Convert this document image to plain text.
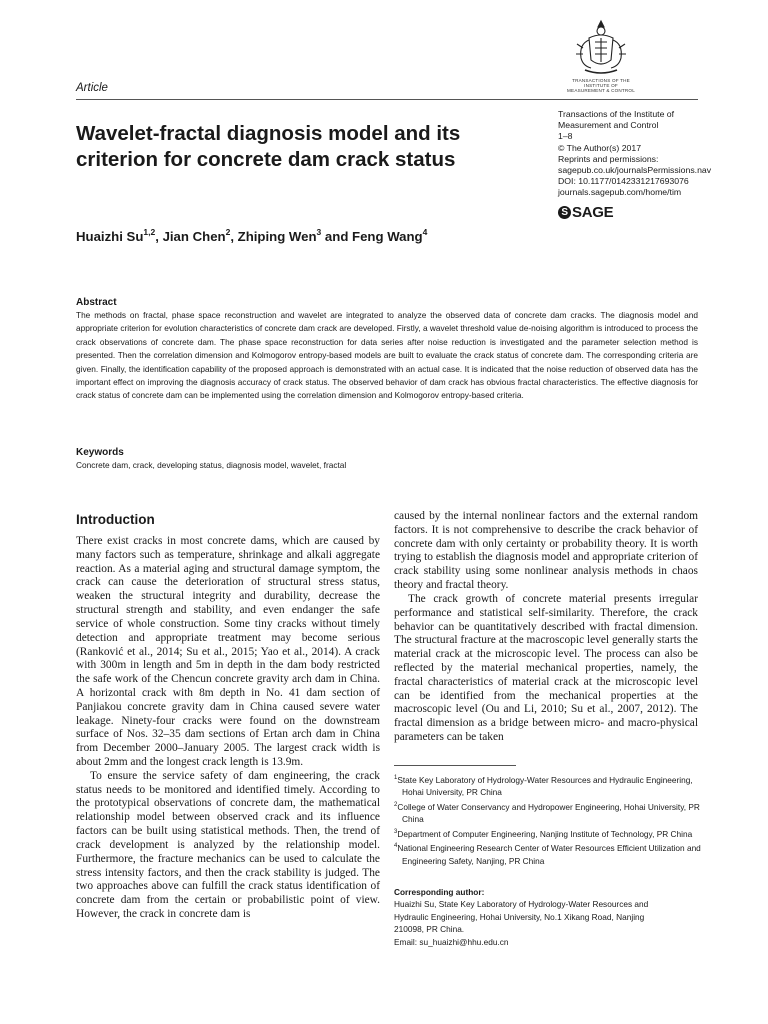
TRANSACTIONS OF THE
INSTITUTE OF
MEASUREMENT & CONTROL
Article
Wavelet-fractal diagnosis model and its
criterion for concrete dam crack status
Transactions of the Institute of
Measurement and Control
1–8
© The Author(s) 2017
Reprints and permissions:
sagepub.co.uk/journalsPermissions.nav
DOI: 10.1177/0142331217693076
journals.sagepub.com/home/tim
S SAGE
Huaizhi Su$^{1,2}$, Jian Chen$^2$, Zhiping Wen$^3$ and Feng Wang$^4$
Abstract
The methods on fractal, phase space reconstruction and wavelet are integrated to analyze the observed data of concrete dam cracks. The diagnosis model and appropriate criterion for evolution characteristics of concrete dam crack are developed. Firstly, a wavelet threshold value de-noising algorithm is introduced to process the crack observations of concrete dam. The phase space reconstruction for data series after noise reduction is investigated and the parameter selection method is presented. Then the correlation dimension and Kolmogorov entropy-based models are built to evaluate the crack status of concrete dam. The corresponding criteria are given. Finally, the identification capability of the proposed approach is demonstrated with an actual case. It is indicated that the noise reduction of observed data has the important effect on improving the diagnosis accuracy of crack status. The observed behavior of dam crack has obvious fractal characteristics. The effective diagnosis for crack status of concrete dam can be implemented using the correlation dimension and Kolmogorov entropy-based criteria.
Keywords
Concrete dam, crack, developing status, diagnosis model, wavelet, fractal
Introduction

There exist cracks in most concrete dams, which are caused by many factors such as temperature, shrinkage and alkali aggregate reaction. As a material aging and structural damage symptom, the crack can cause the deterioration of structural stress status, weaken the structural integrity and durability, decrease the structural strength and stability, and even endanger the safe service of whole construction. Some tiny cracks without timely detection and appropriate treatment may become serious (Ranković et al., 2014; Su et al., 2015; Yao et al., 2014). A crack with 300m in length and 5m in depth in the dam body restricted the safe work of the Chencun concrete gravity arch dam in China. A horizontal crack with 8m depth in No. 41 dam section of Panjiakou concrete gravity dam in China caused severe water leakage. Ninety-four cracks were found on the downstream surface of Nos. 32–35 dam sections of Ertan arch dam in China from December 2000–January 2005. The largest crack width is about 2mm and the longest crack length is 13.9m.

To ensure the service safety of dam engineering, the crack status needs to be monitored and identified timely. According to the prototypical observations of concrete dam, the mathematical relationship model between observed crack and its influence factors can be built using statistical methods. Then, the trend of crack development is analyzed by the relationship model. Furthermore, the fracture mechanics can be used to calculate the stress intensity factors, and then the crack stability is judged. The two approaches above can fulfill the crack status identification of concrete dam from the certain or probabilistic point of view. However, the crack in concrete dam is

caused by the internal nonlinear factors and the external random factors. It is not comprehensive to describe the crack behavior of concrete dam with only certainty or probability theory. It is worth trying to establish the diagnosis model and appropriate criterion of crack stability using some nonlinear analysis methods in chaos theory and fractal theory.

The crack growth of concrete material presents irregular performance and statistical self-similarity. Therefore, the crack behavior can be quantitatively described with fractal dimension. The structural fracture at the macroscopic level generally starts the material crack at the microscopic level. The process can also be reflected by the material mechanical properties, namely, the fractal characteristics of material crack at the microscopic level can be identified from the mechanical properties at the macroscopic level (Ou and Li, 2010; Su et al., 2007, 2012). The fractal dimension as a bridge between micro- and macro-physical parameters can be taken

$^1$State Key Laboratory of Hydrology-Water Resources and Hydraulic Engineering, Hohai University, PR China
$^2$College of Water Conservancy and Hydropower Engineering, Hohai University, PR China
$^3$Department of Computer Engineering, Nanjing Institute of Technology, PR China
$^4$National Engineering Research Center of Water Resources Efficient Utilization and Engineering Safety, Nanjing, PR China
Corresponding author:
Huaizhi Su, State Key Laboratory of Hydrology-Water Resources and
Hydraulic Engineering, Hohai University, No.1 Xikang Road, Nanjing
210098, PR China.
Email: su_huaizhi@hhu.edu.cn
